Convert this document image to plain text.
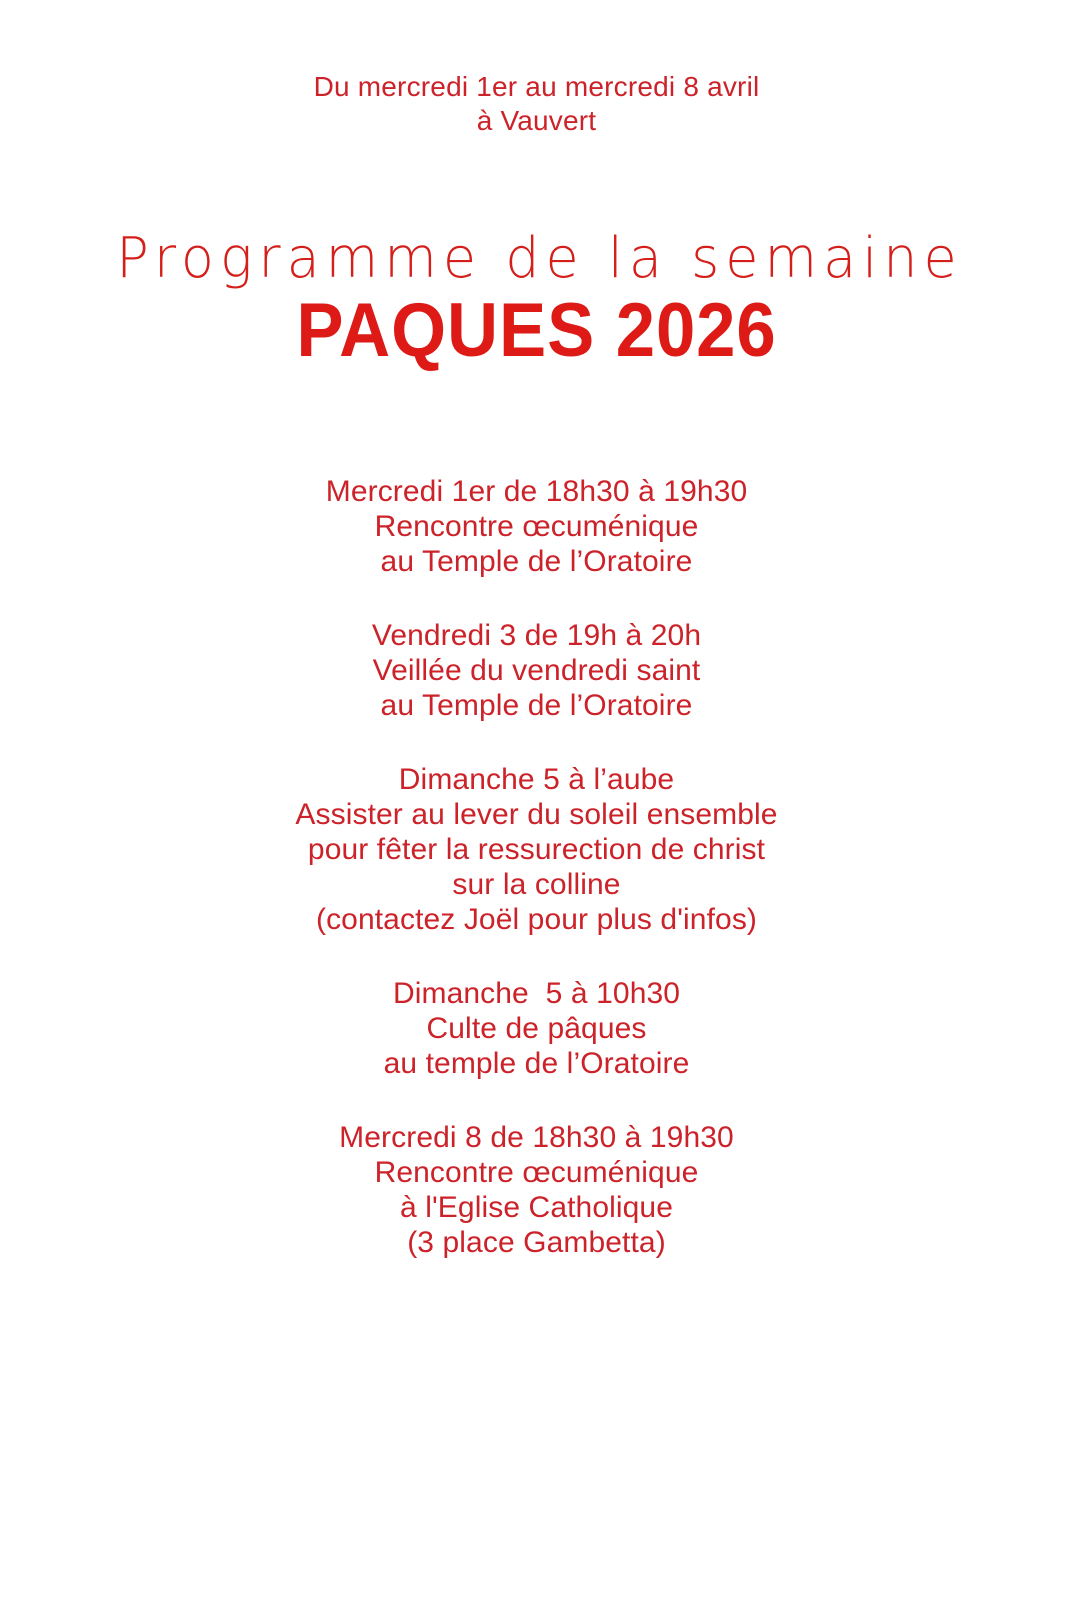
Du mercredi 1er au mercredi 8 avril
à Vauvert
Programme de la semaine
PAQUES 2026
Mercredi 1er de 18h30 à 19h30
Rencontre œcuménique
au Temple de l’Oratoire
Vendredi 3 de 19h à 20h
Veillée du vendredi saint
au Temple de l’Oratoire
Dimanche 5 à l’aube
Assister au lever du soleil ensemble
pour fêter la ressurection de christ
sur la colline
(contactez Joël pour plus d'infos)
Dimanche  5 à 10h30
Culte de pâques
au temple de l’Oratoire
Mercredi 8 de 18h30 à 19h30
Rencontre œcuménique
à l'Eglise Catholique
(3 place Gambetta)
